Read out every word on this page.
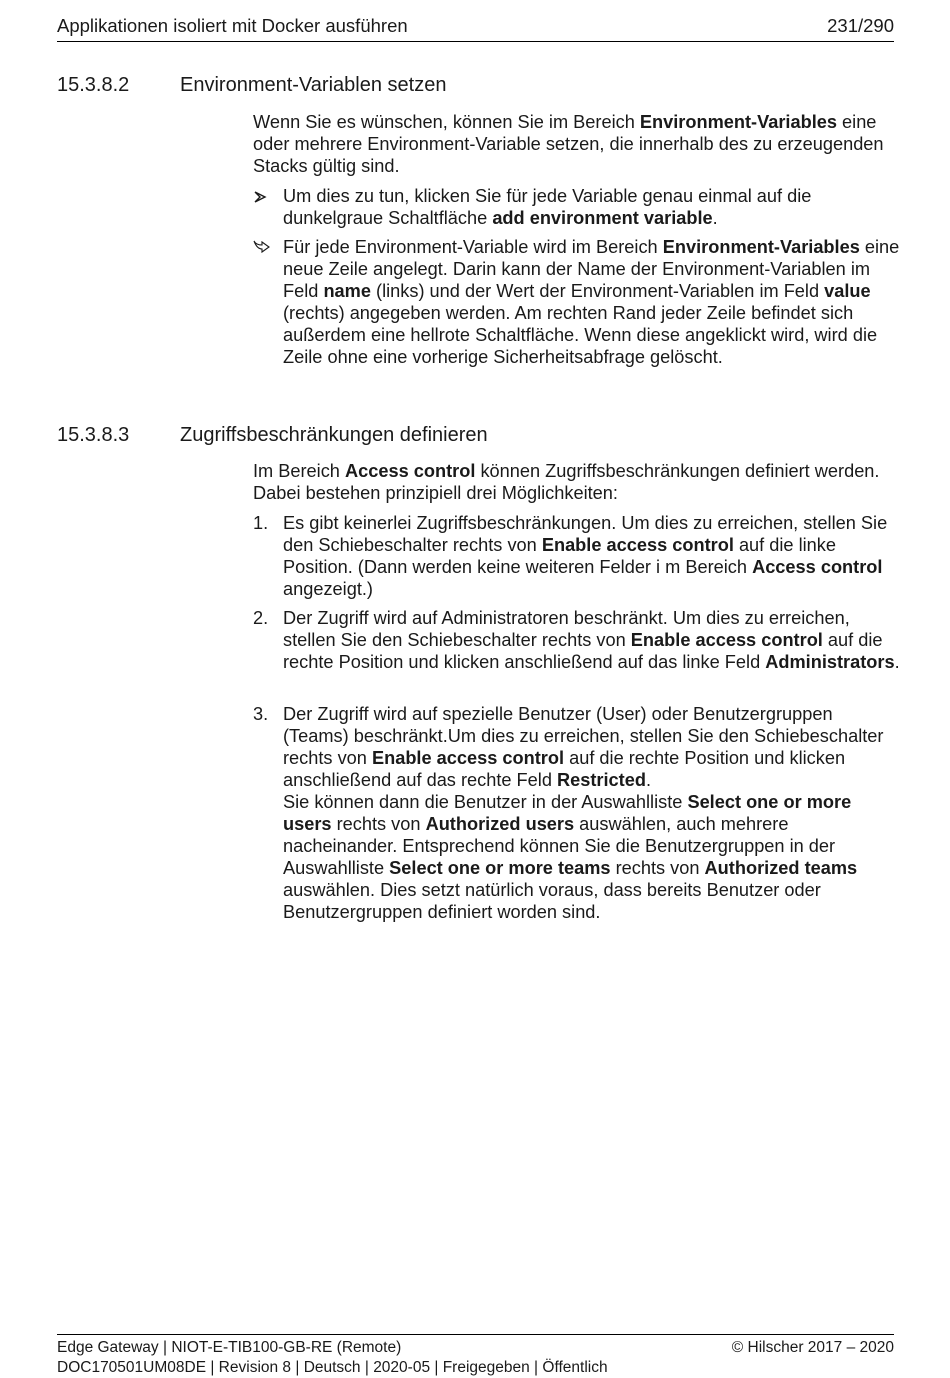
Applikationen isoliert mit Docker ausführen	231/290
15.3.8.2	Environment-Variablen setzen

Wenn Sie es wünschen, können Sie im Bereich Environment-Variables eine oder mehrere Environment-Variable setzen, die innerhalb des zu erzeugenden Stacks gültig sind.

Um dies zu tun, klicken Sie für jede Variable genau einmal auf die dunkelgraue Schaltfläche add environment variable.

Für jede Environment-Variable wird im Bereich Environment-Variables eine neue Zeile angelegt. Darin kann der Name der Environment-Variablen im Feld name (links) und der Wert der Environment-Variablen im Feld value (rechts) angegeben werden. Am rechten Rand jeder Zeile befindet sich außerdem eine hellrote Schaltfläche. Wenn diese angeklickt wird, wird die Zeile ohne eine vorherige Sicherheitsabfrage gelöscht.

15.3.8.3	Zugriffsbeschränkungen definieren

Im Bereich Access control können Zugriffsbeschränkungen definiert werden. Dabei bestehen prinzipiell drei Möglichkeiten:

1. Es gibt keinerlei Zugriffsbeschränkungen. Um dies zu erreichen, stellen Sie den Schiebeschalter rechts von Enable access control auf die linke Position. (Dann werden keine weiteren Felder i m Bereich Access control angezeigt.)

2. Der Zugriff wird auf Administratoren beschränkt. Um dies zu erreichen, stellen Sie den Schiebeschalter rechts von Enable access control auf die rechte Position und klicken anschließend auf das linke Feld Administrators.

3. Der Zugriff wird auf spezielle Benutzer (User) oder Benutzergruppen (Teams) beschränkt.Um dies zu erreichen, stellen Sie den Schiebeschalter rechts von Enable access control auf die rechte Position und klicken anschließend auf das rechte Feld Restricted.

Sie können dann die Benutzer in der Auswahlliste Select one or more users rechts von Authorized users auswählen, auch mehrere nacheinander. Entsprechend können Sie die Benutzergruppen in der Auswahlliste Select one or more teams rechts von Authorized teams auswählen. Dies setzt natürlich voraus, dass bereits Benutzer oder Benutzergruppen definiert worden sind.

Edge Gateway | NIOT-E-TIB100-GB-RE (Remote)
DOC170501UM08DE | Revision 8 | Deutsch | 2020-05 | Freigegeben | Öffentlich
© Hilscher 2017 – 2020
